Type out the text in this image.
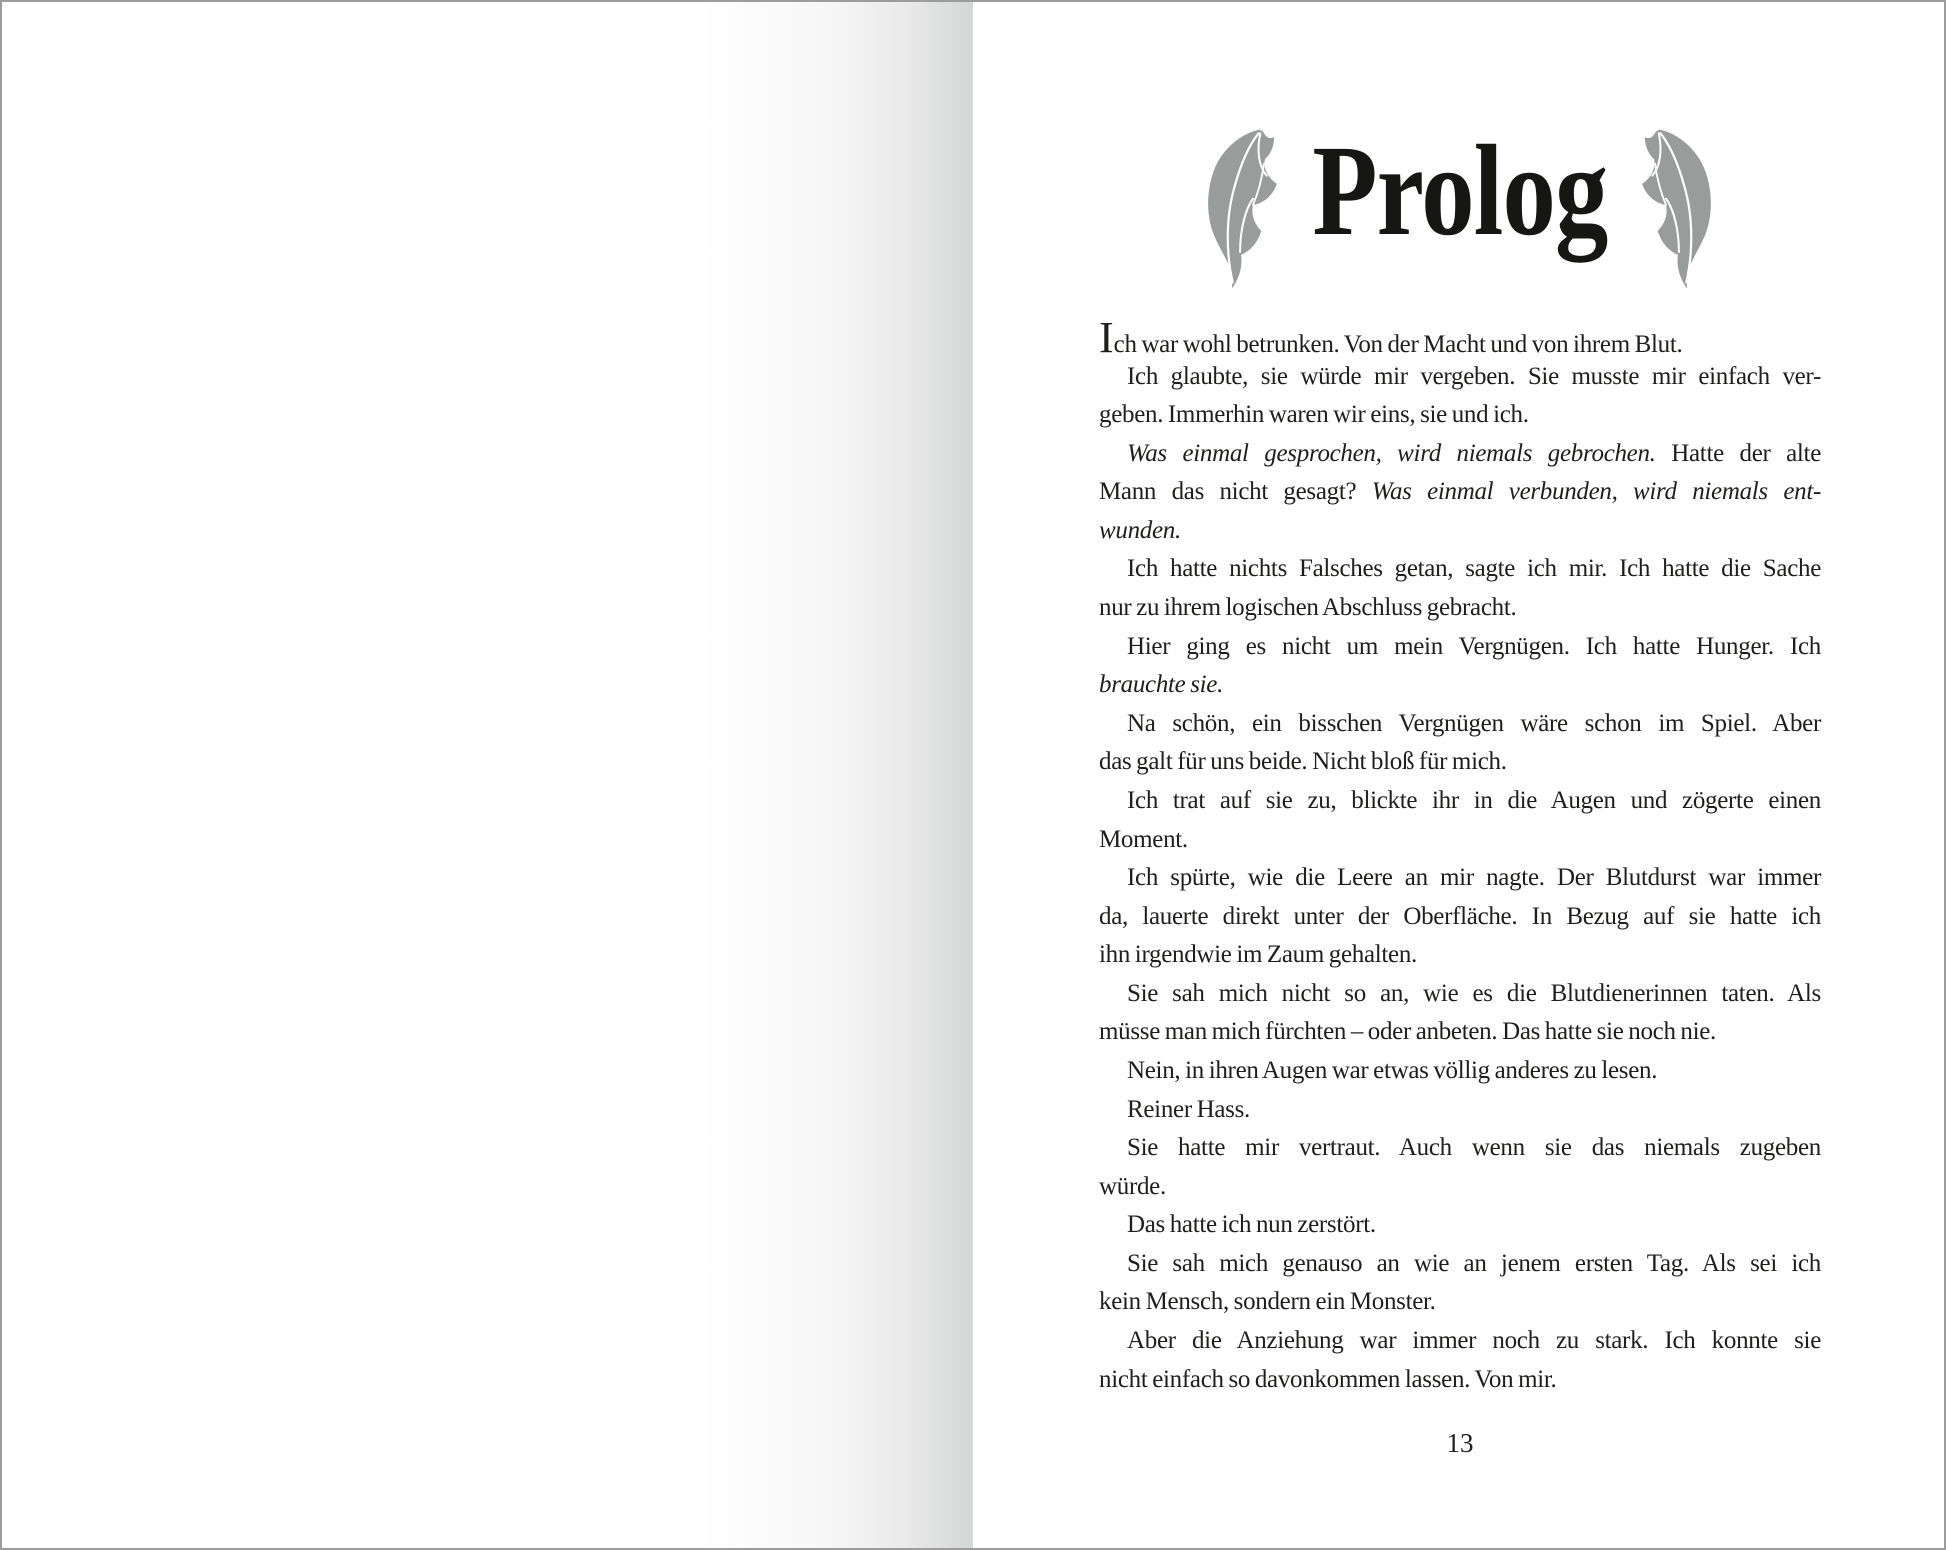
Prolog
Ich war wohl betrunken. Von der Macht und von ihrem Blut.
Ich glaubte, sie würde mir vergeben. Sie musste mir einfach ver-
geben. Immerhin waren wir eins, sie und ich.
Was einmal gesprochen, wird niemals gebrochen. Hatte der alte
Mann das nicht gesagt? Was einmal verbunden, wird niemals ent-
wunden.
Ich hatte nichts Falsches getan, sagte ich mir. Ich hatte die Sache
nur zu ihrem logischen Abschluss gebracht.
Hier ging es nicht um mein Vergnügen. Ich hatte Hunger. Ich
brauchte sie.
Na schön, ein bisschen Vergnügen wäre schon im Spiel. Aber
das galt für uns beide. Nicht bloß für mich.
Ich trat auf sie zu, blickte ihr in die Augen und zögerte einen
Moment.
Ich spürte, wie die Leere an mir nagte. Der Blutdurst war immer
da, lauerte direkt unter der Oberfläche. In Bezug auf sie hatte ich
ihn irgendwie im Zaum gehalten.
Sie sah mich nicht so an, wie es die Blutdienerinnen taten. Als
müsse man mich fürchten – oder anbeten. Das hatte sie noch nie.
Nein, in ihren Augen war etwas völlig anderes zu lesen.
Reiner Hass.
Sie hatte mir vertraut. Auch wenn sie das niemals zugeben
würde.
Das hatte ich nun zerstört.
Sie sah mich genauso an wie an jenem ersten Tag. Als sei ich
kein Mensch, sondern ein Monster.
Aber die Anziehung war immer noch zu stark. Ich konnte sie
nicht einfach so davonkommen lassen. Von mir.
13
